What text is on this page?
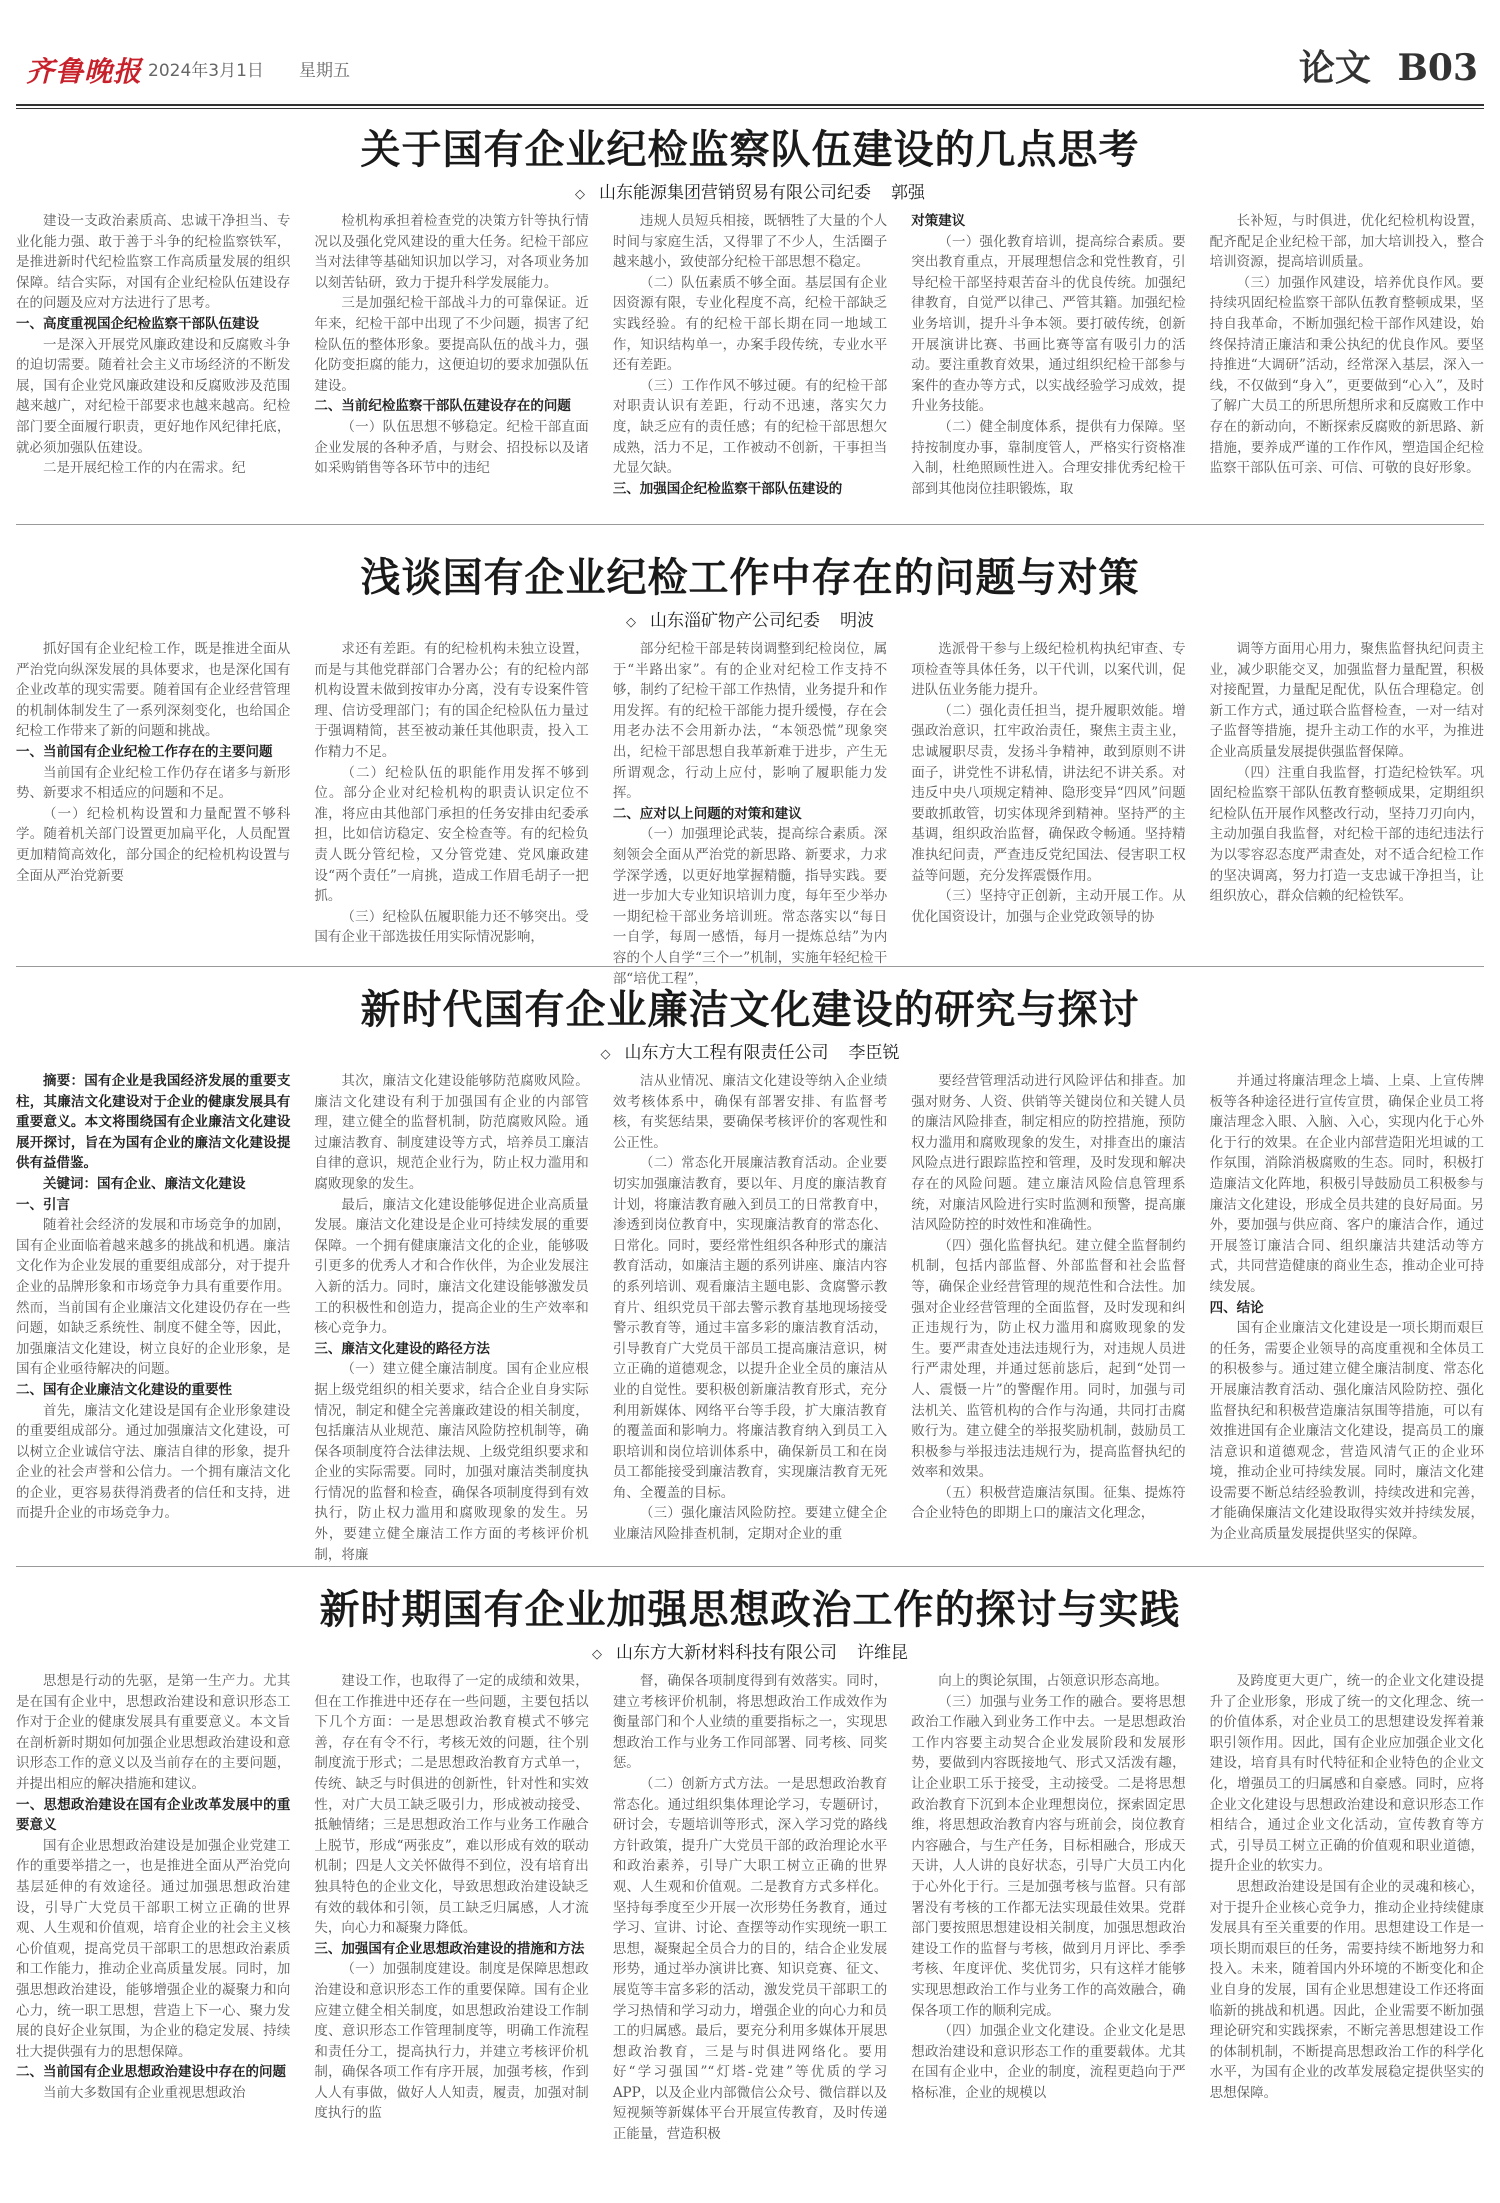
齐鲁晚报 2024年3月1日 星期五	论文 B03
关于国有企业纪检监察队伍建设的几点思考
◇ 山东能源集团营销贸易有限公司纪委 郭强

建设一支政治素质高、忠诚干净担当、专业化能力强、敢于善于斗争的纪检监察铁军，是推进新时代纪检监察工作高质量发展的组织保障。结合实际，对国有企业纪检队伍建设存在的问题及应对方法进行了思考。

一、高度重视国企纪检监察干部队伍建设

一是深入开展党风廉政建设和反腐败斗争的迫切需要。随着社会主义市场经济的不断发展，国有企业党风廉政建设和反腐败涉及范围越来越广，对纪检干部要求也越来越高。纪检部门要全面履行职责，更好地作风纪律托底，就必须加强队伍建设。

二是开展纪检工作的内在需求。纪

检机构承担着检查党的决策方针等执行情况以及强化党风建设的重大任务。纪检干部应当对法律等基础知识加以学习，对各项业务加以刻苦钻研，致力于提升科学发展能力。

三是加强纪检干部战斗力的可靠保证。近年来，纪检干部中出现了不少问题，损害了纪检队伍的整体形象。要提高队伍的战斗力，强化防变拒腐的能力，这便迫切的要求加强队伍建设。

二、当前纪检监察干部队伍建设存在的问题

（一）队伍思想不够稳定。纪检干部直面企业发展的各种矛盾，与财会、招投标以及诸如采购销售等各环节中的违纪

违规人员短兵相接，既牺牲了大量的个人时间与家庭生活，又得罪了不少人，生活圈子越来越小，致使部分纪检干部思想不稳定。

（二）队伍素质不够全面。基层国有企业因资源有限，专业化程度不高，纪检干部缺乏实践经验。有的纪检干部长期在同一地域工作，知识结构单一，办案手段传统，专业水平还有差距。

（三）工作作风不够过硬。有的纪检干部对职责认识有差距，行动不迅速，落实欠力度，缺乏应有的责任感；有的纪检干部思想欠成熟，活力不足，工作被动不创新，干事担当尤显欠缺。

三、加强国企纪检监察干部队伍建设的
对策建议

（一）强化教育培训，提高综合素质。要突出教育重点，开展理想信念和党性教育，引导纪检干部坚持艰苦奋斗的优良传统。加强纪律教育，自觉严以律己、严管其籍。加强纪检业务培训，提升斗争本领。要打破传统，创新开展演讲比赛、书画比赛等富有吸引力的活动。要注重教育效果，通过组织纪检干部参与案件的查办等方式，以实战经验学习成效，提升业务技能。

（二）健全制度体系，提供有力保障。坚持按制度办事，靠制度管人，严格实行资格准入制，杜绝照顾性进入。合理安排优秀纪检干部到其他岗位挂职锻炼，取

长补短，与时俱进，优化纪检机构设置，配齐配足企业纪检干部，加大培训投入，整合培训资源，提高培训质量。

（三）加强作风建设，培养优良作风。要持续巩固纪检监察干部队伍教育整顿成果，坚持自我革命，不断加强纪检干部作风建设，始终保持清正廉洁和秉公执纪的优良作风。要坚持推进“大调研”活动，经常深入基层，深入一线，不仅做到“身入”，更要做到“心入”，及时了解广大员工的所思所想所求和反腐败工作中存在的新动向，不断探索反腐败的新思路、新措施，要养成严谨的工作作风，塑造国企纪检监察干部队伍可亲、可信、可敬的良好形象。

浅谈国有企业纪检工作中存在的问题与对策
◇ 山东淄矿物产公司纪委 明波

抓好国有企业纪检工作，既是推进全面从严治党向纵深发展的具体要求，也是深化国有企业改革的现实需要。随着国有企业经营管理的机制体制发生了一系列深刻变化，也给国企纪检工作带来了新的问题和挑战。

一、当前国有企业纪检工作存在的主要问题

当前国有企业纪检工作仍存在诸多与新形势、新要求不相适应的问题和不足。

（一）纪检机构设置和力量配置不够科学。随着机关部门设置更加扁平化，人员配置更加精简高效化，部分国企的纪检机构设置与全面从严治党新要

求还有差距。有的纪检机构未独立设置，而是与其他党群部门合署办公；有的纪检内部机构设置未做到按审办分离，没有专设案件管理、信访受理部门；有的国企纪检队伍力量过于强调精简，甚至被动兼任其他职责，投入工作精力不足。

（二）纪检队伍的职能作用发挥不够到位。部分企业对纪检机构的职责认识定位不准，将应由其他部门承担的任务安排由纪委承担，比如信访稳定、安全检查等。有的纪检负责人既分管纪检，又分管党建、党风廉政建设“两个责任”一肩挑，造成工作眉毛胡子一把抓。

（三）纪检队伍履职能力还不够突出。受国有企业干部选拔任用实际情况影响，

部分纪检干部是转岗调整到纪检岗位，属于“半路出家”。有的企业对纪检工作支持不够，制约了纪检干部工作热情，业务提升和作用发挥。有的纪检干部能力提升缓慢，存在会用老办法不会用新办法，“本领恐慌”现象突出，纪检干部思想自我革新难于进步，产生无所谓观念，行动上应付，影响了履职能力发挥。

二、应对以上问题的对策和建议

（一）加强理论武装，提高综合素质。深刻领会全面从严治党的新思路、新要求，力求学深学透，以更好地掌握精髓，指导实践。要进一步加大专业知识培训力度，每年至少举办一期纪检干部业务培训班。常态落实以“每日一自学，每周一感悟，每月一提炼总结”为内容的个人自学“三个一”机制，实施年轻纪检干部“培优工程”，

选派骨干参与上级纪检机构执纪审查、专项检查等具体任务，以干代训，以案代训，促进队伍业务能力提升。

（二）强化责任担当，提升履职效能。增强政治意识，扛牢政治责任，聚焦主责主业，忠诚履职尽责，发扬斗争精神，敢到原则不讲面子，讲党性不讲私情，讲法纪不讲关系。对违反中央八项规定精神、隐形变异“四风”问题要敢抓敢管，切实体现斧到精神。坚持严的主基调，组织政治监督，确保政令畅通。坚持精准执纪问责，严查违反党纪国法、侵害职工权益等问题，充分发挥震慑作用。

（三）坚持守正创新，主动开展工作。从优化国资设计，加强与企业党政领导的协

调等方面用心用力，聚焦监督执纪问责主业，减少职能交叉，加强监督力量配置，积极对接配置，力量配足配优，队伍合理稳定。创新工作方式，通过联合监督检查，一对一结对子监督等措施，提升主动工作的水平，为推进企业高质量发展提供强监督保障。

（四）注重自我监督，打造纪检铁军。巩固纪检监察干部队伍教育整顿成果，定期组织纪检队伍开展作风整改行动，坚持刀刃向内，主动加强自我监督，对纪检干部的违纪违法行为以零容忍态度严肃查处，对不适合纪检工作的坚决调离，努力打造一支忠诚干净担当，让组织放心，群众信赖的纪检铁军。

新时代国有企业廉洁文化建设的研究与探讨
◇ 山东方大工程有限责任公司 李臣锐

摘要：国有企业是我国经济发展的重要支柱，其廉洁文化建设对于企业的健康发展具有重要意义。本文将围绕国有企业廉洁文化建设展开探讨，旨在为国有企业的廉洁文化建设提供有益借鉴。

关键词：国有企业、廉洁文化建设

一、引言

随着社会经济的发展和市场竞争的加剧，国有企业面临着越来越多的挑战和机遇。廉洁文化作为企业发展的重要组成部分，对于提升企业的品牌形象和市场竞争力具有重要作用。然而，当前国有企业廉洁文化建设仍存在一些问题，如缺乏系统性、制度不健全等，因此，加强廉洁文化建设，树立良好的企业形象，是国有企业亟待解决的问题。

二、国有企业廉洁文化建设的重要性

首先，廉洁文化建设是国有企业形象建设的重要组成部分。通过加强廉洁文化建设，可以树立企业诚信守法、廉洁自律的形象，提升企业的社会声誉和公信力。一个拥有廉洁文化的企业，更容易获得消费者的信任和支持，进而提升企业的市场竞争力。

其次，廉洁文化建设能够防范腐败风险。廉洁文化建设有利于加强国有企业的内部管理，建立健全的监督机制，防范腐败风险。通过廉洁教育、制度建设等方式，培养员工廉洁自律的意识，规范企业行为，防止权力滥用和腐败现象的发生。

最后，廉洁文化建设能够促进企业高质量发展。廉洁文化建设是企业可持续发展的重要保障。一个拥有健康廉洁文化的企业，能够吸引更多的优秀人才和合作伙伴，为企业发展注入新的活力。同时，廉洁文化建设能够激发员工的积极性和创造力，提高企业的生产效率和核心竞争力。

三、廉洁文化建设的路径方法

（一）建立健全廉洁制度。国有企业应根据上级党组织的相关要求，结合企业自身实际情况，制定和健全完善廉政建设的相关制度，包括廉洁从业规范、廉洁风险防控机制等，确保各项制度符合法律法规、上级党组织要求和企业的实际需要。同时，加强对廉洁类制度执行情况的监督和检查，确保各项制度得到有效执行，防止权力滥用和腐败现象的发生。另外，要建立健全廉洁工作方面的考核评价机制，将廉

洁从业情况、廉洁文化建设等纳入企业绩效考核体系中，确保有部署安排、有监督考核，有奖惩结果，要确保考核评价的客观性和公正性。

（二）常态化开展廉洁教育活动。企业要切实加强廉洁教育，要以年、月度的廉洁教育计划，将廉洁教育融入到员工的日常教育中，渗透到岗位教育中，实现廉洁教育的常态化、日常化。同时，要经常性组织各种形式的廉洁教育活动，如廉洁主题的系列讲座、廉洁内容的系列培训、观看廉洁主题电影、贪腐警示教育片、组织党员干部去警示教育基地现场接受警示教育等，通过丰富多彩的廉洁教育活动，引导教育广大党员干部员工提高廉洁意识，树立正确的道德观念，以提升企业全员的廉洁从业的自觉性。要积极创新廉洁教育形式，充分利用新媒体、网络平台等手段，扩大廉洁教育的覆盖面和影响力。将廉洁教育纳入到员工入职培训和岗位培训体系中，确保新员工和在岗员工都能接受到廉洁教育，实现廉洁教育无死角、全覆盖的目标。

（三）强化廉洁风险防控。要建立健全企业廉洁风险排查机制，定期对企业的重

要经营管理活动进行风险评估和排查。加强对财务、人资、供销等关键岗位和关键人员的廉洁风险排查，制定相应的防控措施，预防权力滥用和腐败现象的发生，对排查出的廉洁风险点进行跟踪监控和管理，及时发现和解决存在的风险问题。建立廉洁风险信息管理系统，对廉洁风险进行实时监测和预警，提高廉洁风险防控的时效性和准确性。

（四）强化监督执纪。建立健全监督制约机制，包括内部监督、外部监督和社会监督等，确保企业经营管理的规范性和合法性。加强对企业经营管理的全面监督，及时发现和纠正违规行为，防止权力滥用和腐败现象的发生。要严肃查处违法违规行为，对违规人员进行严肃处理，并通过惩前毖后，起到“处罚一人、震慑一片”的警醒作用。同时，加强与司法机关、监管机构的合作与沟通，共同打击腐败行为。建立健全的举报奖励机制，鼓励员工积极参与举报违法违规行为，提高监督执纪的效率和效果。

（五）积极营造廉洁氛围。征集、提炼符合企业特色的即期上口的廉洁文化理念，

并通过将廉洁理念上墙、上桌、上宣传牌板等各种途径进行宣传宣贯，确保企业员工将廉洁理念入眼、入脑、入心，实现内化于心外化于行的效果。在企业内部营造阳光坦诚的工作氛围，消除消极腐败的生态。同时，积极打造廉洁文化阵地，积极引导鼓励员工积极参与廉洁文化建设，形成全员共建的良好局面。另外，要加强与供应商、客户的廉洁合作，通过开展签订廉洁合同、组织廉洁共建活动等方式，共同营造健康的商业生态，推动企业可持续发展。

四、结论

国有企业廉洁文化建设是一项长期而艰巨的任务，需要企业领导的高度重视和全体员工的积极参与。通过建立健全廉洁制度、常态化开展廉洁教育活动、强化廉洁风险防控、强化监督执纪和积极营造廉洁氛围等措施，可以有效推进国有企业廉洁文化建设，提高员工的廉洁意识和道德观念，营造风清气正的企业环境，推动企业可持续发展。同时，廉洁文化建设需要不断总结经验教训，持续改进和完善，才能确保廉洁文化建设取得实效并持续发展，为企业高质量发展提供坚实的保障。

新时期国有企业加强思想政治工作的探讨与实践
◇ 山东方大新材料科技有限公司 许维昆

思想是行动的先驱，是第一生产力。尤其是在国有企业中，思想政治建设和意识形态工作对于企业的健康发展具有重要意义。本文旨在剖析新时期如何加强企业思想政治建设和意识形态工作的意义以及当前存在的主要问题，并提出相应的解决措施和建议。

一、思想政治建设在国有企业改革发展中的重要意义

国有企业思想政治建设是加强企业党建工作的重要举措之一，也是推进全面从严治党向基层延伸的有效途径。通过加强思想政治建设，引导广大党员干部职工树立正确的世界观、人生观和价值观，培育企业的社会主义核心价值观，提高党员干部职工的思想政治素质和工作能力，推动企业高质量发展。同时，加强思想政治建设，能够增强企业的凝聚力和向心力，统一职工思想，营造上下一心、聚力发展的良好企业氛围，为企业的稳定发展、持续壮大提供强有力的思想保障。

二、当前国有企业思想政治建设中存在的问题

当前大多数国有企业重视思想政治

建设工作，也取得了一定的成绩和效果，但在工作推进中还存在一些问题，主要包括以下几个方面：一是思想政治教育模式不够完善，存在有令不行，考核无效的问题，往个别制度流于形式；二是思想政治教育方式单一，传统、缺乏与时俱进的创新性，针对性和实效性，对广大员工缺乏吸引力，形成被动接受、抵触情绪；三是思想政治工作与业务工作融合上脱节，形成“两张皮”，难以形成有效的联动机制；四是人文关怀做得不到位，没有培育出独具特色的企业文化，导致思想政治建设缺乏有效的载体和引领，员工缺乏归属感，人才流失，向心力和凝聚力降低。

三、加强国有企业思想政治建设的措施和方法

（一）加强制度建设。制度是保障思想政治建设和意识形态工作的重要保障。国有企业应建立健全相关制度，如思想政治建设工作制度、意识形态工作管理制度等，明确工作流程和责任分工，提高执行力，并建立考核评价机制，确保各项工作有序开展，加强考核，作到人人有事做，做好人人知责，履责，加强对制度执行的监

督，确保各项制度得到有效落实。同时，建立考核评价机制，将思想政治工作成效作为衡量部门和个人业绩的重要指标之一，实现思想政治工作与业务工作同部署、同考核、同奖惩。

（二）创新方式方法。一是思想政治教育常态化。通过组织集体理论学习，专题研讨，研讨会，专题培训等形式，深入学习党的路线方针政策，提升广大党员干部的政治理论水平和政治素养，引导广大职工树立正确的世界观、人生观和价值观。二是教育方式多样化。坚持每季度至少开展一次形势任务教育，通过学习、宣讲、讨论、查摆等动作实现统一职工思想，凝聚起全员合力的目的，结合企业发展形势，通过举办演讲比赛、知识竞赛、征文、展览等丰富多彩的活动，激发党员干部职工的学习热情和学习动力，增强企业的向心力和员工的归属感。最后，要充分利用多媒体开展思想政治教育，三是与时俱进网络化。要用好“学习强国”“灯塔-党建”等优质的学习APP，以及企业内部微信公众号、微信群以及短视频等新媒体平台开展宣传教育，及时传递正能量，营造积极

向上的舆论氛围，占领意识形态高地。

（三）加强与业务工作的融合。要将思想政治工作融入到业务工作中去。一是思想政治工作内容要主动契合企业发展阶段和发展形势，要做到内容既接地气、形式又活泼有趣，让企业职工乐于接受，主动接受。二是将思想政治教育下沉到本企业理想岗位，探索固定思维，将思想政治教育内容与班前会，岗位教育内容融合，与生产任务，目标相融合，形成天天讲，人人讲的良好状态，引导广大员工内化于心外化于行。三是加强考核与监督。只有部署没有考核的工作都无法实现最佳效果。党群部门要按照思想建设相关制度，加强思想政治建设工作的监督与考核，做到月月评比、季季考核、年度评优、奖优罚劣，只有这样才能够实现思想政治工作与业务工作的高效融合，确保各项工作的顺利完成。

（四）加强企业文化建设。企业文化是思想政治建设和意识形态工作的重要载体。尤其在国有企业中，企业的制度，流程更趋向于严格标准，企业的规模以

及跨度更大更广，统一的企业文化建设提升了企业形象，形成了统一的文化理念、统一的价值体系，对企业员工的思想建设发挥着兼职引领作用。因此，国有企业应加强企业文化建设，培育具有时代特征和企业特色的企业文化，增强员工的归属感和自豪感。同时，应将企业文化建设与思想政治建设和意识形态工作相结合，通过企业文化活动，宣传教育等方式，引导员工树立正确的价值观和职业道德，提升企业的软实力。

思想政治建设是国有企业的灵魂和核心，对于提升企业核心竞争力，推动企业持续健康发展具有至关重要的作用。思想建设工作是一项长期而艰巨的任务，需要持续不断地努力和投入。未来，随着国内外环境的不断变化和企业自身的发展，国有企业思想建设工作还将面临新的挑战和机遇。因此，企业需要不断加强理论研究和实践探索，不断完善思想建设工作的体制机制，不断提高思想政治工作的科学化水平，为国有企业的改革发展稳定提供坚实的思想保障。
